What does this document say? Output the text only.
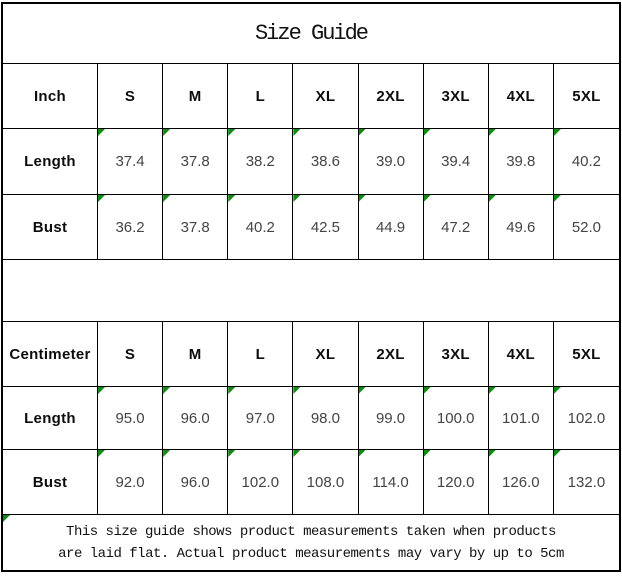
Size Guide
Inch	S	M	L	XL	2XL 3XL 4XL 5XL
Length	37.4 37.8 38.2 38.6 39.0 39.4 39.8 40.2
Bust	36.2 37.8 40.2 42.5 44.9 47.2 49.6 52.0
Centimeter S	M	L	XL	2XL 3XL 4XL 5XL
Length	95.0 96.0 97.0 98.0 99.0 100.0 101.0 102.0
Bust	92.0 96.0 102.0 108.0 114.0 120.0 126.0 132.0
This size guide shows product measurements taken when products
are laid flat. Actual product measurements may vary by up to 5cm
